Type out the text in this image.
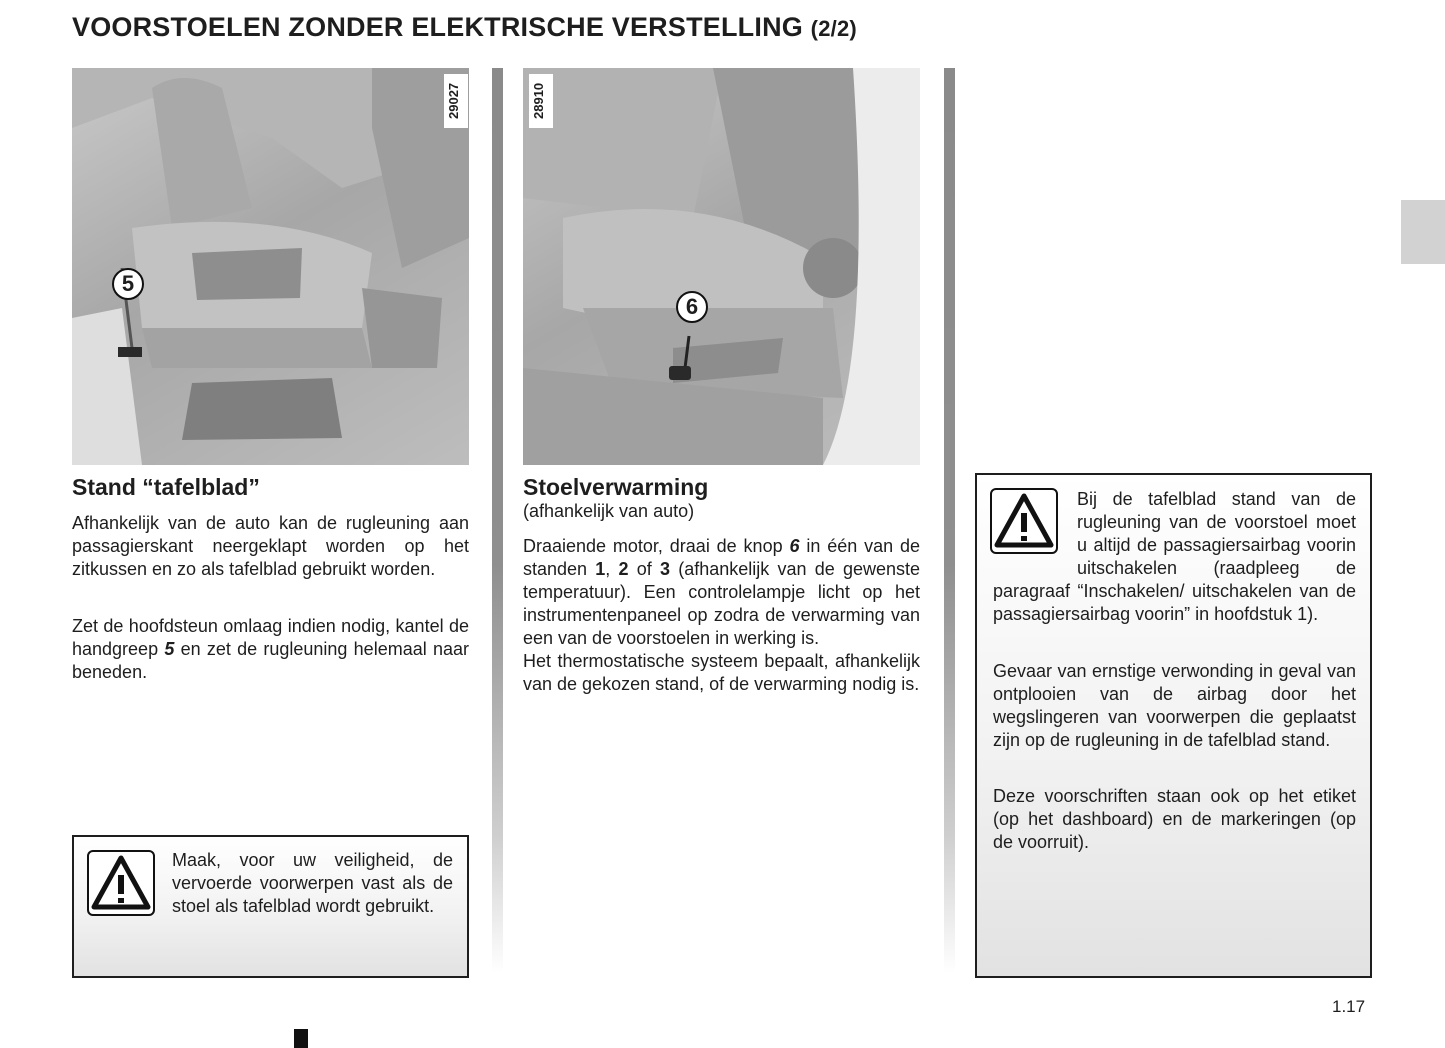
VOORSTOELEN ZONDER ELEKTRISCHE VERSTELLING (2/2)
29027
5
28910
6
Stand “tafelblad”
Afhankelijk van de auto kan de rugleuning aan passagierskant neergeklapt worden op het zitkussen en zo als tafelblad gebruikt worden.
Zet de hoofdsteun omlaag indien nodig, kantel de handgreep 5 en zet de rugleuning helemaal naar beneden.
Maak, voor uw veiligheid, de vervoerde voorwerpen vast als de stoel als tafelblad wordt gebruikt.
Stoelverwarming
(afhankelijk van auto)
Draaiende motor, draai de knop 6 in één van de standen 1, 2 of 3 (afhankelijk van de gewenste temperatuur). Een controlelampje licht op het instrumentenpaneel op zodra de verwarming van een van de voorstoelen in werking is.
Het thermostatische systeem bepaalt, afhankelijk van de gekozen stand, of de verwarming nodig is.
Bij de tafelblad stand van de rugleuning van de voorstoel moet u altijd de passagiersairbag voorin uitschakelen (raadpleeg de paragraaf “Inschakelen/ uitschakelen van de passagiersairbag voorin” in hoofdstuk 1).
Gevaar van ernstige verwonding in geval van ontplooien van de airbag door het wegslingeren van voorwerpen die geplaatst zijn op de rugleuning in de tafelblad stand.
Deze voorschriften staan ook op het etiket (op het dashboard) en de markeringen (op de voorruit).
1.17
